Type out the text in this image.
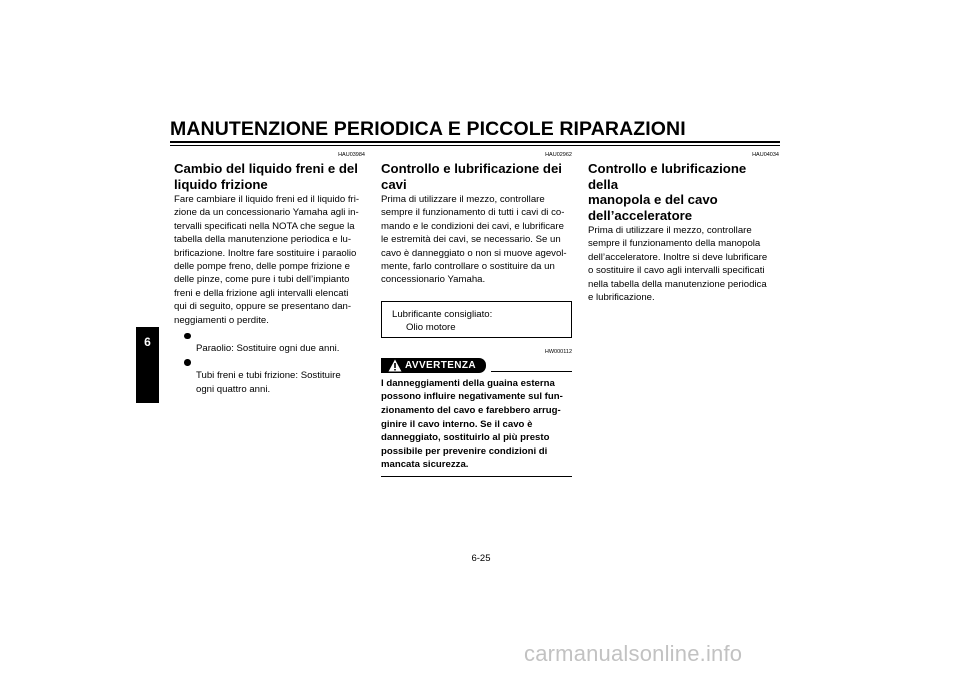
MANUTENZIONE PERIODICA E PICCOLE RIPARAZIONI
6
HAU03984
Cambio del liquido freni e del
liquido frizione
Fare cambiare il liquido freni ed il liquido fri-
zione da un concessionario Yamaha agli in-
tervalli specificati nella NOTA che segue la
tabella della manutenzione periodica e lu-
brificazione. Inoltre fare sostituire i paraolio
delle pompe freno, delle pompe frizione e
delle pinze, come pure i tubi dell’impianto
freni e della frizione agli intervalli elencati
qui di seguito, oppure se presentano dan-
neggiamenti o perdite.

Paraolio: Sostituire ogni due anni.

Tubi freni e tubi frizione: Sostituire
ogni quattro anni.

HAU02962
Controllo e lubrificazione dei
cavi
Prima di utilizzare il mezzo, controllare
sempre il funzionamento di tutti i cavi di co-
mando e le condizioni dei cavi, e lubrificare
le estremità dei cavi, se necessario. Se un
cavo è danneggiato o non si muove agevol-
mente, farlo controllare o sostituire da un
concessionario Yamaha.
Lubrificante consigliato:
Olio motore
HW000112
AVVERTENZA
I danneggiamenti della guaina esterna
possono influire negativamente sul fun-
zionamento del cavo e farebbero arrug-
ginire il cavo interno. Se il cavo è
danneggiato, sostituirlo al più presto
possibile per prevenire condizioni di
mancata sicurezza.
HAU04034
Controllo e lubrificazione della
manopola e del cavo
dell’acceleratore
Prima di utilizzare il mezzo, controllare
sempre il funzionamento della manopola
dell’acceleratore. Inoltre si deve lubrificare
o sostituire il cavo agli intervalli specificati
nella tabella della manutenzione periodica
e lubrificazione.
6-25
carmanualsonline.info
